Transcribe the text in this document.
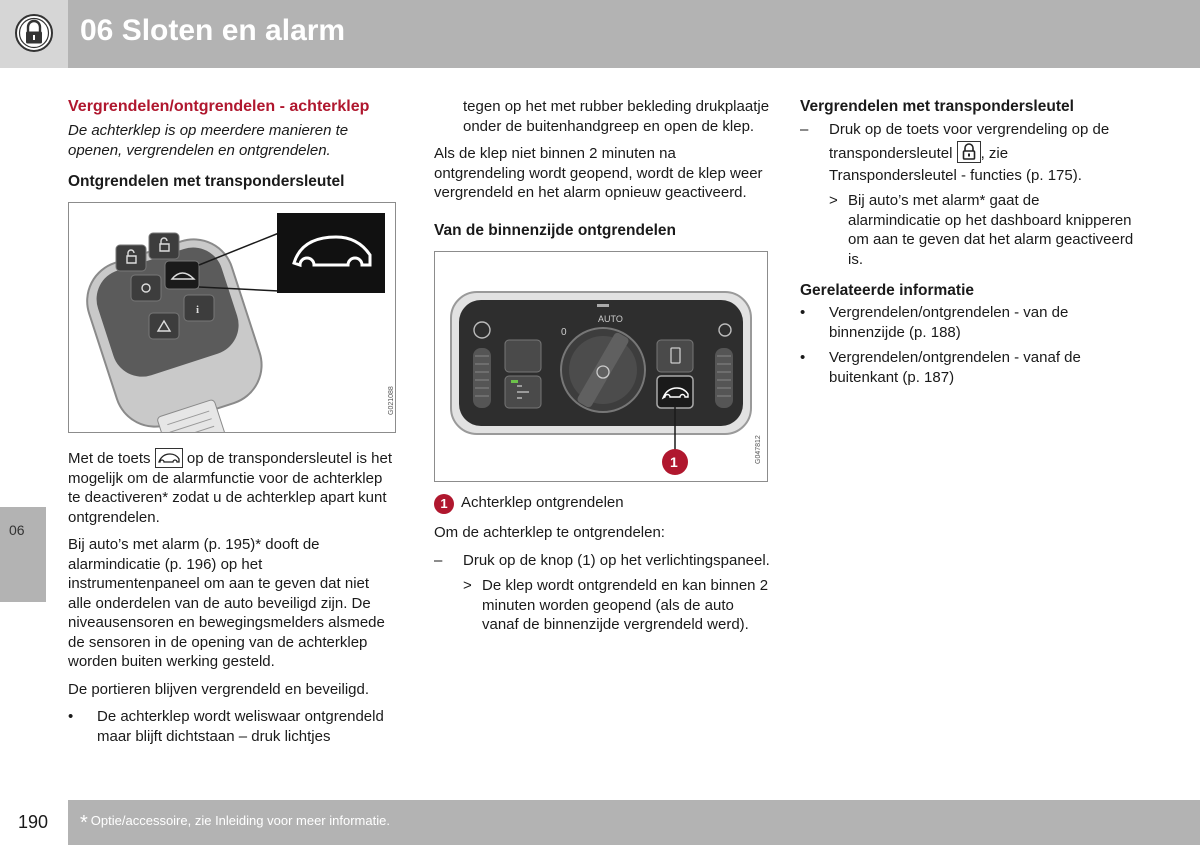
06 Sloten en alarm
06
Vergrendelen/ontgrendelen - achterklep
De achterklep is op meerdere manieren te openen, vergrendelen en ontgrendelen.
Ontgrendelen met transpondersleutel
i
G021088

Met de toets op de transpondersleutel is het mogelijk om de alarmfunctie voor de achterklep te deactiveren* zodat u de achterklep apart kunt ontgrendelen.

Bij auto’s met alarm (p. 195)* dooft de alarmindicatie (p. 196) op het instrumentenpaneel om aan te geven dat niet alle onderdelen van de auto beveiligd zijn. De niveausensoren en bewegingsmelders alsmede de sensoren in de opening van de achterklep worden buiten werking gesteld.

De portieren blijven vergrendeld en beveiligd.

• De achterklep wordt weliswaar ontgrendeld maar blijft dichtstaan – druk lichtjes
tegen op het met rubber bekleding drukplaatje onder de buitenhandgreep en open de klep.

Als de klep niet binnen 2 minuten na ontgrendeling wordt geopend, wordt de klep weer vergrendeld en het alarm opnieuw geactiveerd.

Van de binnenzijde ontgrendelen
AUTO
0
1	G047812
1 Achterklep ontgrendelen

Om de achterklep te ontgrendelen:

– Druk op de knop (1) op het verlichtingspaneel.
> De klep wordt ontgrendeld en kan binnen 2 minuten worden geopend (als de auto vanaf de binnenzijde vergrendeld werd).
Vergrendelen met transpondersleutel
– Druk op de toets voor vergrendeling op de transpondersleutel , zie Transpondersleutel - functies (p. 175).
> Bij auto’s met alarm* gaat de alarmindicatie op het dashboard knipperen om aan te geven dat het alarm geactiveerd is.
Gerelateerde informatie
• Vergrendelen/ontgrendelen - van de binnenzijde (p. 188)
• Vergrendelen/ontgrendelen - vanaf de buitenkant (p. 187)
190 * Optie/accessoire, zie Inleiding voor meer informatie.
